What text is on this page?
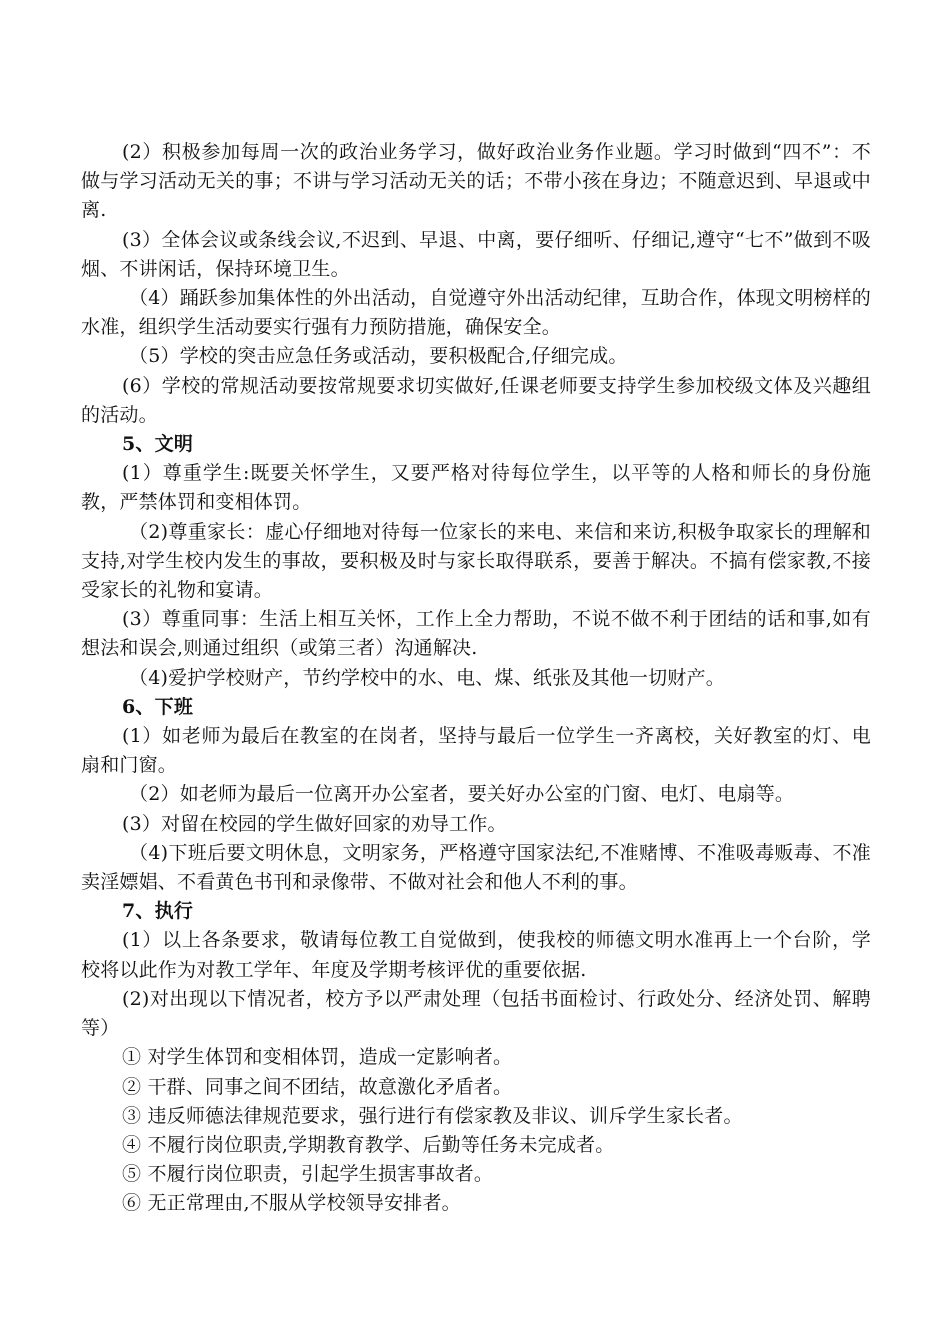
(2）积极参加每周一次的政治业务学习，做好政治业务作业题。学习时做到“四不”：不做与学习活动无关的事；不讲与学习活动无关的话；不带小孩在身边；不随意迟到、早退或中离.

(3）全体会议或条线会议,不迟到、早退、中离，要仔细听、仔细记,遵守“七不”做到不吸烟、不讲闲话，保持环境卫生。

（4）踊跃参加集体性的外出活动，自觉遵守外出活动纪律，互助合作，体现文明榜样的水准，组织学生活动要实行强有力预防措施，确保安全。

（5）学校的突击应急任务或活动，要积极配合,仔细完成。

(6）学校的常规活动要按常规要求切实做好,任课老师要支持学生参加校级文体及兴趣组的活动。

5、文明

(1）尊重学生:既要关怀学生，又要严格对待每位学生，以平等的人格和师长的身份施教，严禁体罚和变相体罚。

（2)尊重家长：虚心仔细地对待每一位家长的来电、来信和来访,积极争取家长的理解和支持,对学生校内发生的事故，要积极及时与家长取得联系，要善于解决。不搞有偿家教,不接受家长的礼物和宴请。

(3）尊重同事：生活上相互关怀，工作上全力帮助，不说不做不利于团结的话和事,如有想法和误会,则通过组织（或第三者）沟通解决.

（4)爱护学校财产，节约学校中的水、电、煤、纸张及其他一切财产。

6、下班

(1）如老师为最后在教室的在岗者，坚持与最后一位学生一齐离校，关好教室的灯、电扇和门窗。

（2）如老师为最后一位离开办公室者，要关好办公室的门窗、电灯、电扇等。

(3）对留在校园的学生做好回家的劝导工作。

（4)下班后要文明休息，文明家务，严格遵守国家法纪,不准赌博、不准吸毒贩毒、不准卖淫嫖娼、不看黄色书刊和录像带、不做对社会和他人不利的事。

7、执行

(1）以上各条要求，敬请每位教工自觉做到，使我校的师德文明水准再上一个台阶，学校将以此作为对教工学年、年度及学期考核评优的重要依据.

(2)对出现以下情况者，校方予以严肃处理（包括书面检讨、行政处分、经济处罚、解聘等）

① 对学生体罚和变相体罚，造成一定影响者。

② 干群、同事之间不团结，故意激化矛盾者。

③ 违反师德法律规范要求，强行进行有偿家教及非议、训斥学生家长者。

④ 不履行岗位职责,学期教育教学、后勤等任务未完成者。

⑤ 不履行岗位职责，引起学生损害事故者。

⑥ 无正常理由,不服从学校领导安排者。
